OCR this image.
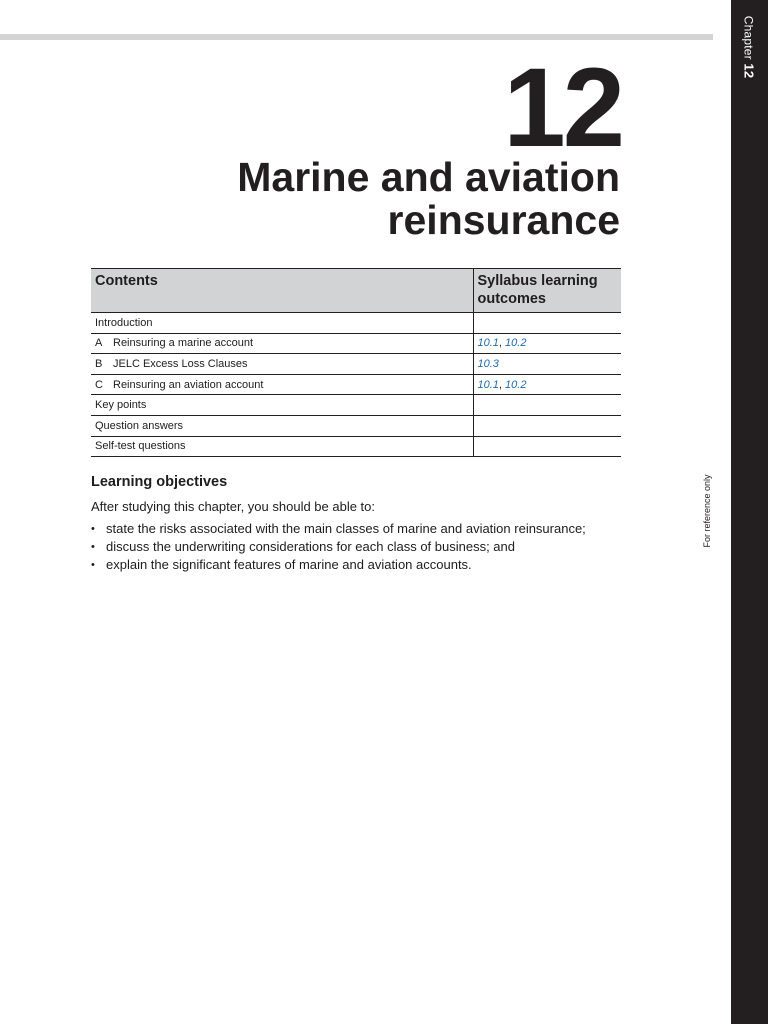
Chapter 12
For reference only
12
Marine and aviation reinsurance
Contents	Syllabus learning outcomes
Introduction	
A Reinsuring a marine account	10.1, 10.2
B JELC Excess Loss Clauses	10.3
C Reinsuring an aviation account	10.1, 10.2
Key points	
Question answers	
Self-test questions	
Learning objectives

After studying this chapter, you should be able to:

• state the risks associated with the main classes of marine and aviation reinsurance;
• discuss the underwriting considerations for each class of business; and
• explain the significant features of marine and aviation accounts.
